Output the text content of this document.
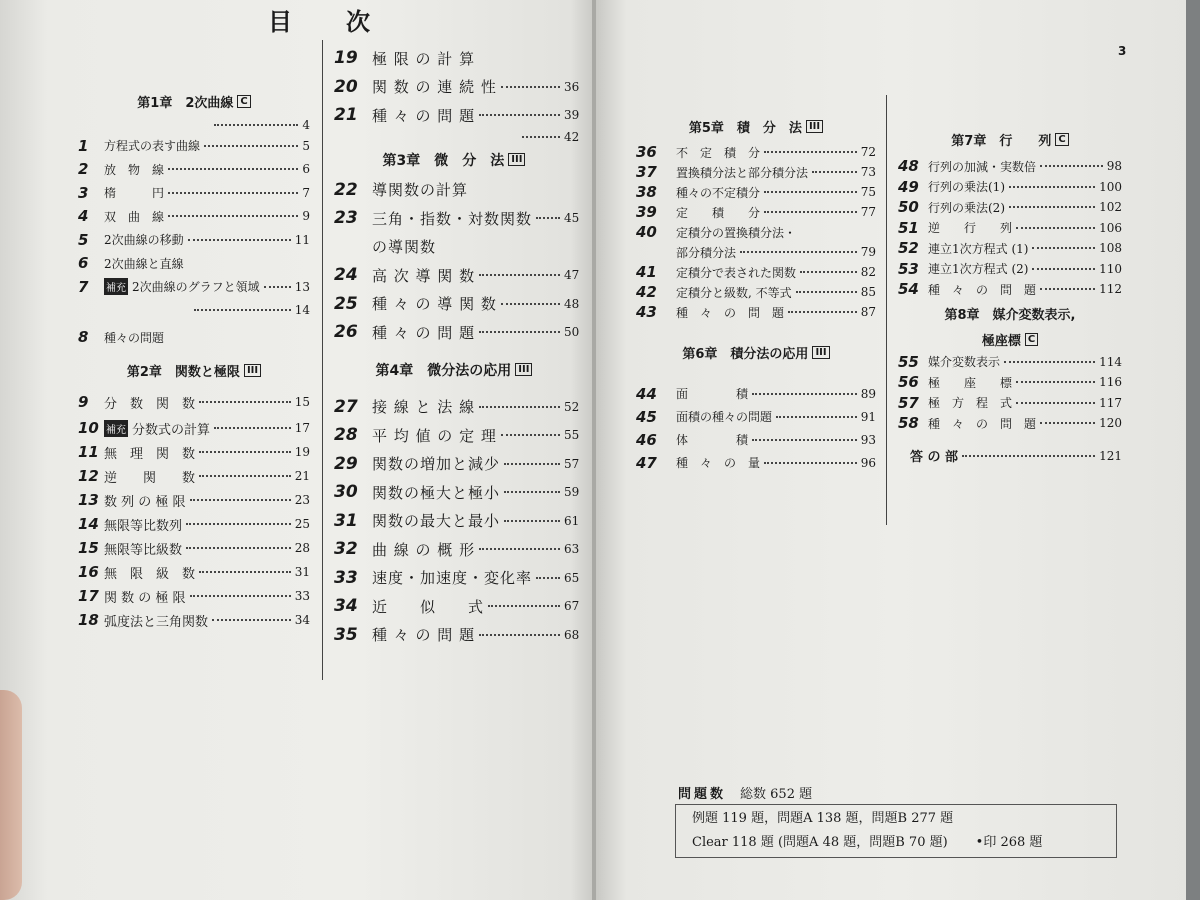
目　　次
3
第1章　2次曲線 C
4
1	方程式の表す曲線	5
2	放　物　線	6
3	楕　　　円	7
4	双　曲　線	9
5	2次曲線の移動	11
6	2次曲線と直線
7	補充 2次曲線のグラフと領域	13
14
8	種々の問題
第2章　関数と極限 III
9	分　数　関　数	15
10 補充 分数式の計算	17
11 無　理　関　数	19
12 逆　　関　　数	21
13 数 列 の 極 限	23
14 無限等比数列	25
15 無限等比級数	28
16 無　限　級　数	31
17 関 数 の 極 限	33
18 弧度法と三角関数	34
19 極 限 の 計 算
20 関 数 の 連 続 性	36
21 種 々 の 問 題	39
42
第3章　微　分　法 III
22 導関数の計算
23 三角・指数・対数関数	45
の導関数
24 高 次 導 関 数	47
25 種 々 の 導 関 数	48
26 種 々 の 問 題	50
第4章　微分法の応用 III
27 接 線 と 法 線	52
28 平 均 値 の 定 理	55
29 関数の増加と減少	57
30 関数の極大と極小	59
31 関数の最大と最小	61
32 曲 線 の 概 形	63
33 速度・加速度・変化率	65
34 近　　似　　式	67
35 種 々 の 問 題	68
第5章　積　分　法 III
36	不　定　積　分	72
37	置換積分法と部分積分法	73
38	種々の不定積分	75
39	定　　積　　分	77
40	定積分の置換積分法・
部分積分法	79
41	定積分で表された関数	82
42	定積分と級数, 不等式	85
43	種　々　の　問　題	87
第6章　積分法の応用 III
44	面　　　　積	89
45	面積の種々の問題	91
46	体　　　　積	93
47	種　々　の　量	96
第7章　行　　列 C
48 行列の加減・実数倍	98
49 行列の乗法(1)	100
50 行列の乗法(2)	102
51 逆　　行　　列	106
52 連立1次方程式 (1)	108
53 連立1次方程式 (2)	110
54 種　々　の　問　題	112
第8章　媒介変数表示,
極座標 C
55 媒介変数表示	114
56 極　　座　　標	116
57 極　方　程　式	117
58 種　々　の　問　題	120
答 の 部	121
問題数 総数 652 題
例題 119 題，問題A 138 題，問題B 277 題
Clear 118 題 (問題A 48 題，問題B 70 題) •印 268 題
